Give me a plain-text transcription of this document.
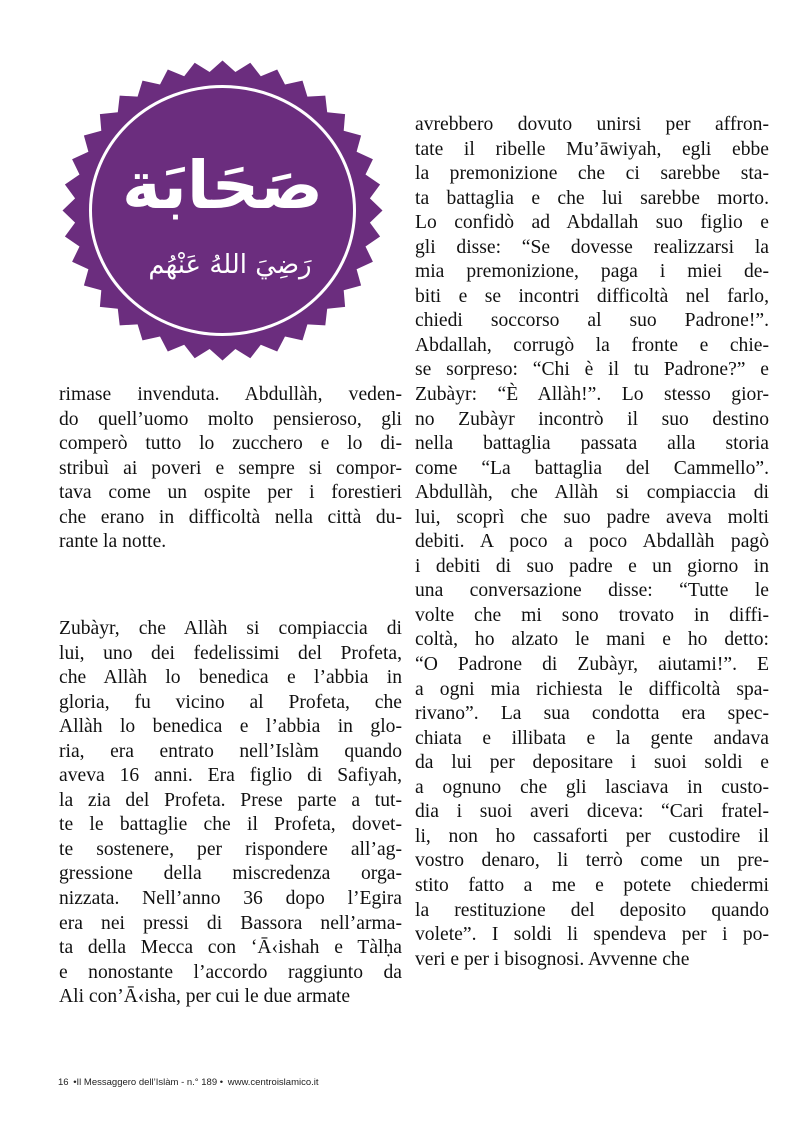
صَحَابَة
رَضِيَ اللهُ عَنْهُم
rimase invenduta. Abdullàh, veden-
do quell’uomo molto pensieroso, gli
comperò tutto lo zucchero e lo di-
stribuì ai poveri e sempre si compor-
tava come un ospite per i forestieri
che erano in difficoltà nella città du-
rante la notte.
Zubàyr, che Allàh si compiaccia di
lui, uno dei fedelissimi del Profeta,
che Allàh lo benedica e l’abbia in
gloria, fu vicino al Profeta, che
Allàh lo benedica e l’abbia in glo-
ria, era entrato nell’Islàm quando
aveva 16 anni. Era figlio di Safiyah,
la zia del Profeta. Prese parte a tut-
te le battaglie che il Profeta, dovet-
te sostenere, per rispondere all’ag-
gressione della miscredenza orga-
nizzata. Nell’anno 36 dopo l’Egira
era nei pressi di Bassora nell’arma-
ta della Mecca con ‘Ā‹ishah e Tàlḥa
e nonostante l’accordo raggiunto da
Ali con’Ā‹isha, per cui le due armate
avrebbero dovuto unirsi per affron-
tate il ribelle Mu’āwiyah, egli ebbe
la premonizione che ci sarebbe sta-
ta battaglia e che lui sarebbe morto.
Lo confidò ad Abdallah suo figlio e
gli disse: “Se dovesse realizzarsi la
mia premonizione, paga i miei de-
biti e se incontri difficoltà nel farlo,
chiedi soccorso al suo Padrone!”.
Abdallah, corrugò la fronte e chie-
se sorpreso: “Chi è il tu Padrone?” e
Zubàyr: “È Allàh!”. Lo stesso gior-
no Zubàyr incontrò il suo destino
nella battaglia passata alla storia
come “La battaglia del Cammello”.
Abdullàh, che Allàh si compiaccia di
lui, scoprì che suo padre aveva molti
debiti. A poco a poco Abdallàh pagò
i debiti di suo padre e un giorno in
una conversazione disse: “Tutte le
volte che mi sono trovato in diffi-
coltà, ho alzato le mani e ho detto:
“O Padrone di Zubàyr, aiutami!”. E
a ogni mia richiesta le difficoltà spa-
rivano”. La sua condotta era spec-
chiata e illibata e la gente andava
da lui per depositare i suoi soldi e
a ognuno che gli lasciava in custo-
dia i suoi averi diceva: “Cari fratel-
li, non ho cassaforti per custodire il
vostro denaro, li terrò come un pre-
stito fatto a me e potete chiedermi
la restituzione del deposito quando
volete”. I soldi li spendeva per i po-
veri e per i bisognosi. Avvenne che
16 •Il Messaggero dell’Islàm - n.° 189 • www.centroislamico.it
